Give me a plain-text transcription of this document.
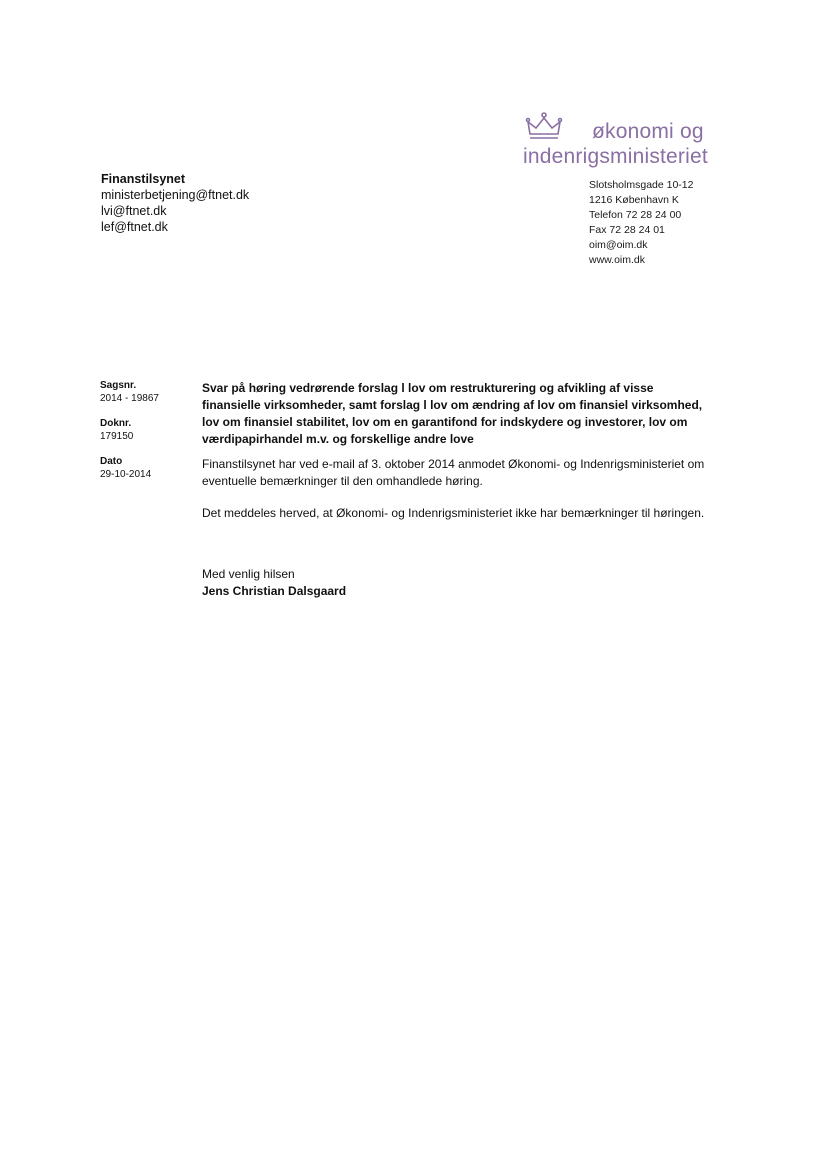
økonomi og
indenrigsministeriet
Finanstilsynet
ministerbetjening@ftnet.dk
lvi@ftnet.dk
lef@ftnet.dk
Slotsholmsgade 10-12
1216 København K
Telefon 72 28 24 00
Fax 72 28 24 01
oim@oim.dk
www.oim.dk
Sagsnr.
2014 - 19867
Doknr.
179150
Dato
29-10-2014

Svar på høring vedrørende forslag l lov om restrukturering og afvikling af visse finansielle virksomheder, samt forslag l lov om ændring af lov om finansiel virksomhed, lov om finansiel stabilitet, lov om en garantifond for indskydere og investorer, lov om værdipapirhandel m.v. og forskellige andre love

Finanstilsynet har ved e-mail af 3. oktober 2014 anmodet Økonomi- og Indenrigsministeriet om eventuelle bemærkninger til den omhandlede høring.

Det meddeles herved, at Økonomi- og Indenrigsministeriet ikke har bemærkninger til høringen.

Med venlig hilsen
Jens Christian Dalsgaard
